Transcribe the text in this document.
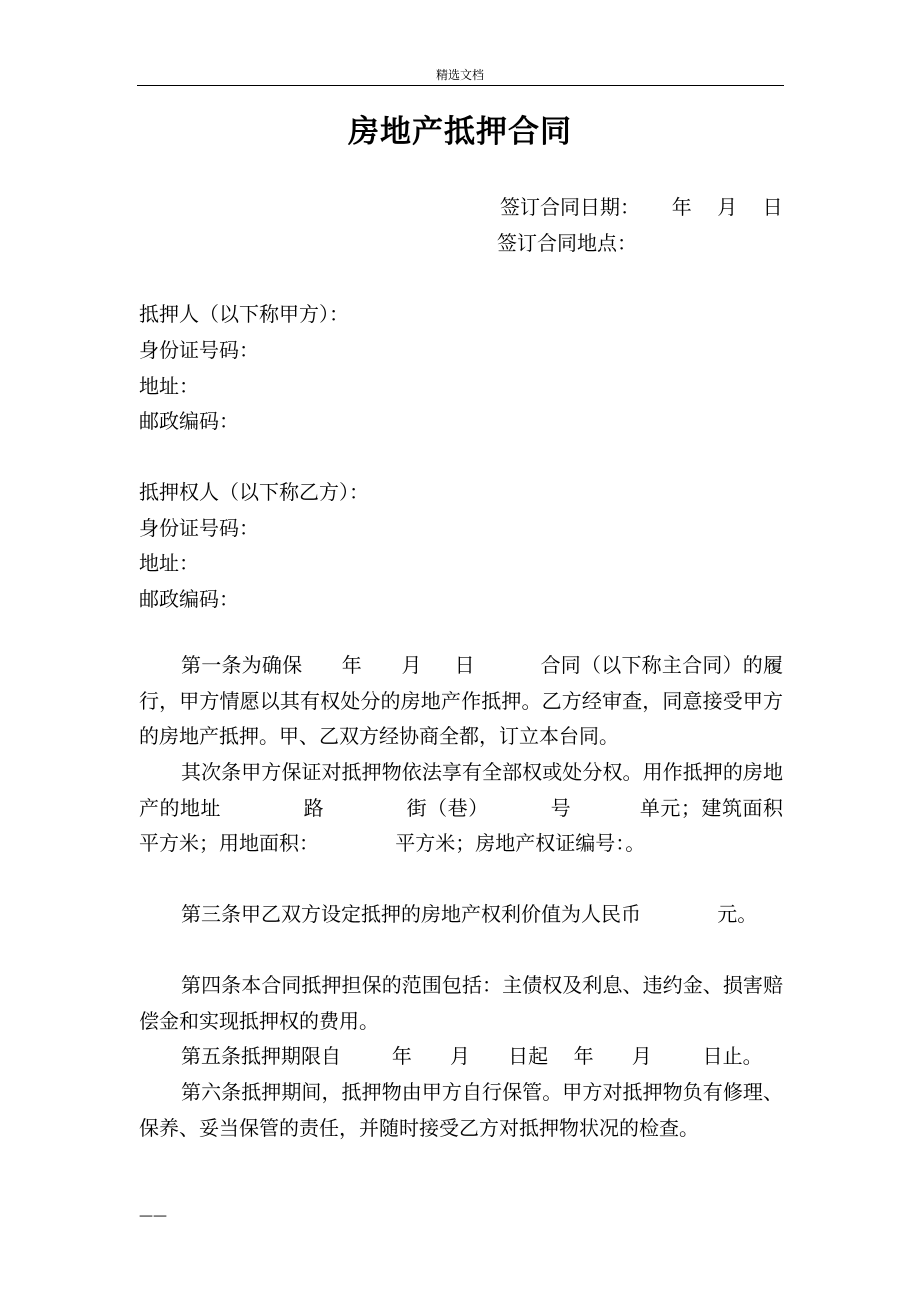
精选文档
房地产抵押合同
签订合同日期：     年    月    日
签订合同地点：
抵押人（以下称甲方）：
身份证号码：
地址：
邮政编码：
抵押权人（以下称乙方）：
身份证号码：
地址：
邮政编码：
第一条为确保      年      月     日          合同（以下称主合同）的履行，甲方情愿以其有权处分的房地产作抵押。乙方经审查，同意接受甲方的房地产抵押。甲、乙双方经协商全都，订立本台同。
其次条甲方保证对抵押物依法享有全部权或处分权。用作抵押的房地产的地址            路            街（巷）         号          单元；建筑面积              平方米；用地面积：            平方米；房地产权证编号：。
第三条甲乙双方设定抵押的房地产权利价值为人民币            元。
第四条本合同抵押担保的范围包括：主债权及利息、违约金、损害赔偿金和实现抵押权的费用。
第五条抵押期限自        年      月      日起    年      月        日止。
第六条抵押期间，抵押物由甲方自行保管。甲方对抵押物负有修理、保养、妥当保管的责任，并随时接受乙方对抵押物状况的检查。
——
